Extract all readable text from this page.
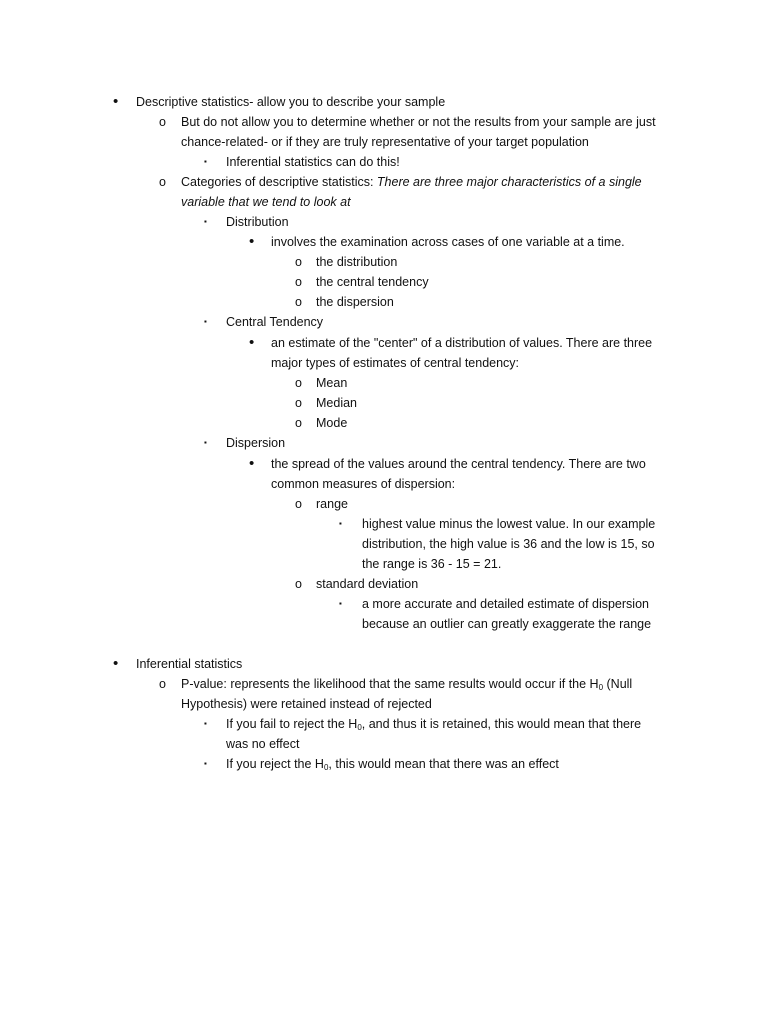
• Descriptive statistics- allow you to describe your sample
o But do not allow you to determine whether or not the results from your sample are just
chance-related- or if they are truly representative of your target population
▪ Inferential statistics can do this!
o Categories of descriptive statistics: There are three major characteristics of a single
variable that we tend to look at
▪ Distribution
• involves the examination across cases of one variable at a time.
o the distribution
o the central tendency
o the dispersion
▪ Central Tendency
• an estimate of the "center" of a distribution of values. There are three
major types of estimates of central tendency:
o Mean
o Median
o Mode
▪ Dispersion
• the spread of the values around the central tendency. There are two
common measures of dispersion:
o range
▪ highest value minus the lowest value. In our example
distribution, the high value is 36 and the low is 15, so
the range is 36 - 15 = 21.
o standard deviation
▪ a more accurate and detailed estimate of dispersion
because an outlier can greatly exaggerate the range
• Inferential statistics
o P-value: represents the likelihood that the same results would occur if the $H_0$ (Null
Hypothesis) were retained instead of rejected
▪ If you fail to reject the $H_0$, and thus it is retained, this would mean that there
was no effect
▪ If you reject the $H_0$, this would mean that there was an effect
